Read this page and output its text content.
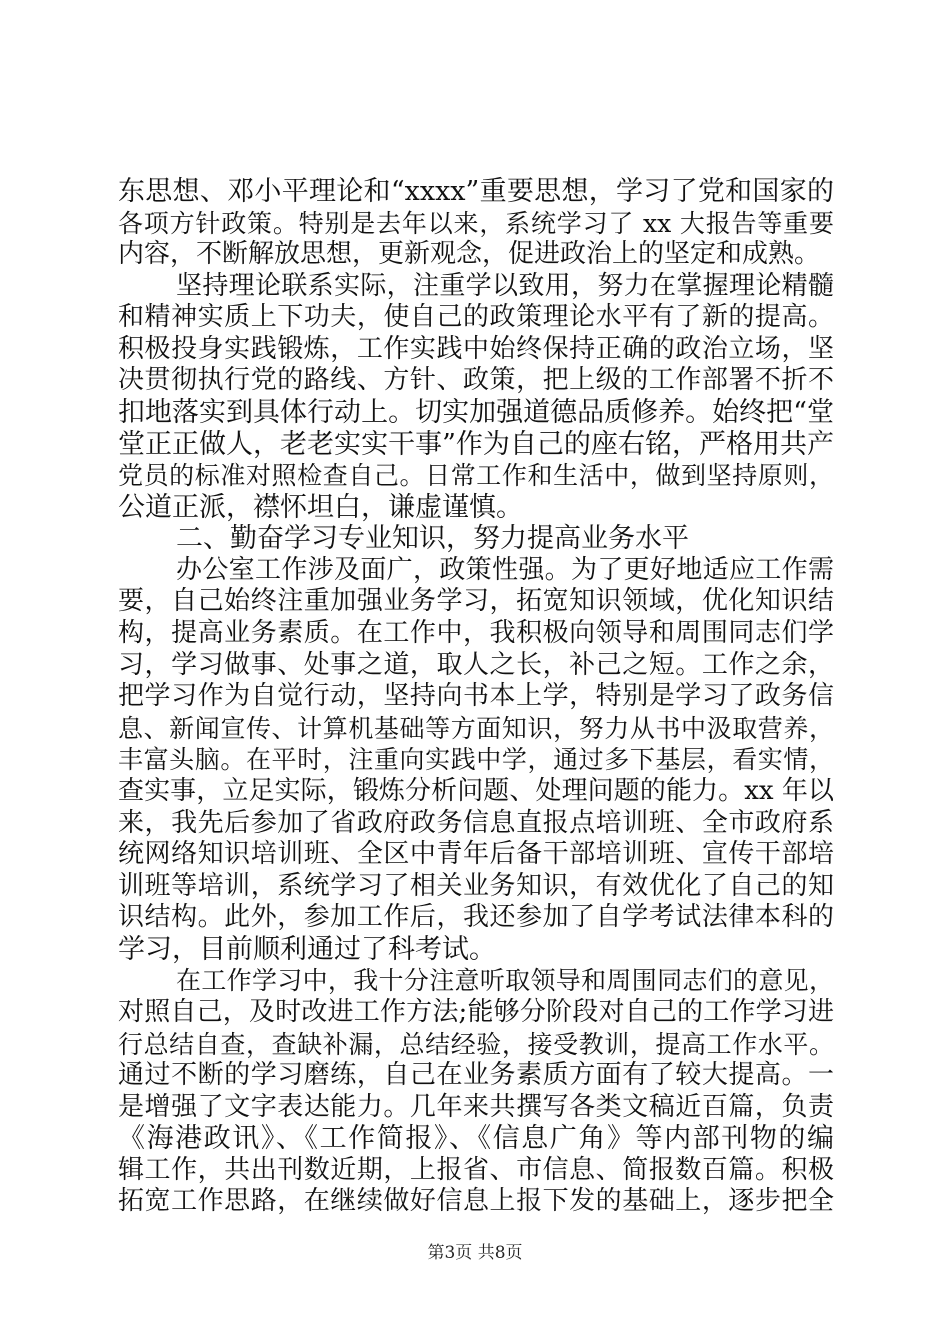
东思想、邓小平理论和“xxxx”重要思想，学习了党和国家的
各项方针政策。特别是去年以来，系统学习了 xx 大报告等重要
内容，不断解放思想，更新观念，促进政治上的坚定和成熟。
坚持理论联系实际，注重学以致用，努力在掌握理论精髓
和精神实质上下功夫，使自己的政策理论水平有了新的提高。
积极投身实践锻炼，工作实践中始终保持正确的政治立场，坚
决贯彻执行党的路线、方针、政策，把上级的工作部署不折不
扣地落实到具体行动上。切实加强道德品质修养。始终把“堂
堂正正做人，老老实实干事”作为自己的座右铭，严格用共产
党员的标准对照检查自己。日常工作和生活中，做到坚持原则，
公道正派，襟怀坦白，谦虚谨慎。
二、勤奋学习专业知识，努力提高业务水平
办公室工作涉及面广，政策性强。为了更好地适应工作需
要，自己始终注重加强业务学习，拓宽知识领域，优化知识结
构，提高业务素质。在工作中，我积极向领导和周围同志们学
习，学习做事、处事之道，取人之长，补己之短。工作之余，
把学习作为自觉行动，坚持向书本上学，特别是学习了政务信
息、新闻宣传、计算机基础等方面知识，努力从书中汲取营养，
丰富头脑。在平时，注重向实践中学，通过多下基层，看实情，
查实事，立足实际，锻炼分析问题、处理问题的能力。xx 年以
来，我先后参加了省政府政务信息直报点培训班、全市政府系
统网络知识培训班、全区中青年后备干部培训班、宣传干部培
训班等培训，系统学习了相关业务知识，有效优化了自己的知
识结构。此外，参加工作后，我还参加了自学考试法律本科的
学习，目前顺利通过了科考试。
在工作学习中，我十分注意听取领导和周围同志们的意见，
对照自己，及时改进工作方法;能够分阶段对自己的工作学习进
行总结自查，查缺补漏，总结经验，接受教训，提高工作水平。
通过不断的学习磨练，自己在业务素质方面有了较大提高。一
是增强了文字表达能力。几年来共撰写各类文稿近百篇，负责
《海港政讯》、《工作简报》、《信息广角》等内部刊物的编
辑工作，共出刊数近期，上报省、市信息、简报数百篇。积极
拓宽工作思路，在继续做好信息上报下发的基础上，逐步把全
第3页 共8页
